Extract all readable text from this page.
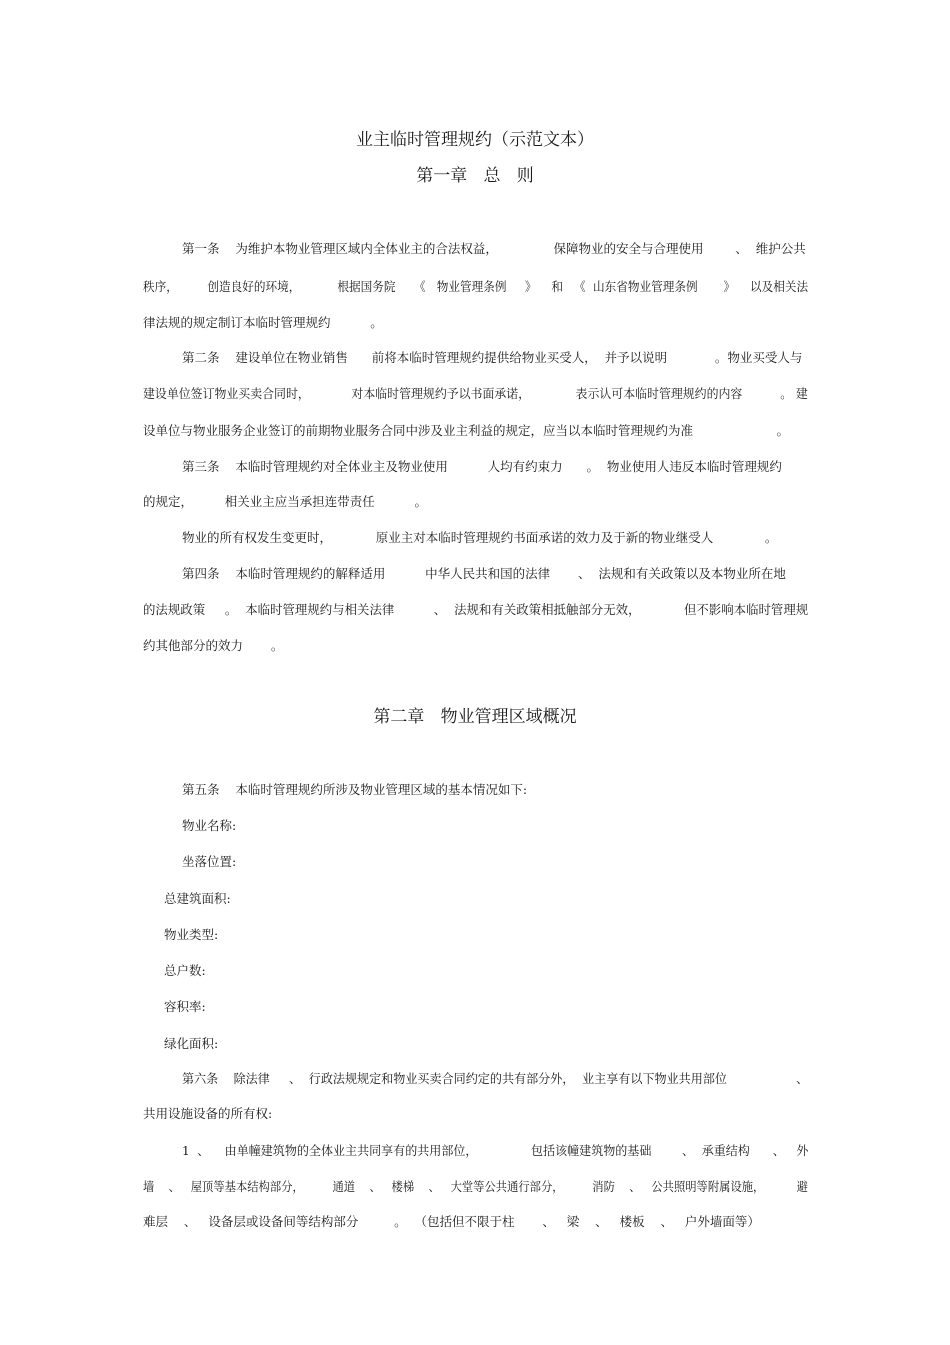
业主临时管理规约（示范文本）
第一章   总   则
第一条    为维护本物业管理区域内全体业主的合法权益，              保障物业的安全与合理使用        、  维护公共
秩序，        创造良好的环境，          根据国务院     《   物业管理条例     》    和   《  山东省物业管理条例       》    以及相关法
律法规的规定制订本临时管理规约          。
第二条    建设单位在物业销售      前将本临时管理规约提供给物业买受人，  并予以说明            。物业买受人与
建设单位签订物业买卖合同时，           对本临时管理规约予以书面承诺，            表示认可本临时管理规约的内容          。 建
设单位与物业服务企业签订的前期物业服务合同中涉及业主利益的规定，应当以本临时管理规约为准                     。
第三条    本临时管理规约对全体业主及物业使用          人均有约束力      。  物业使用人违反本临时管理规约
的规定，        相关业主应当承担连带责任          。
物业的所有权发生变更时，           原业主对本临时管理规约书面承诺的效力及于新的物业继受人             。
第四条    本临时管理规约的解释适用          中华人民共和国的法律       、  法规和有关政策以及本物业所在地
的法规政策     。  本临时管理规约与相关法律          、  法规和有关政策相抵触部分无效，           但不影响本临时管理规
约其他部分的效力       。
第二章   物业管理区域概况
第五条    本临时管理规约所涉及物业管理区域的基本情况如下:
物业名称:
坐落位置:
总建筑面积:
物业类型:
总户数:
容积率:
绿化面积:
第六条    除法律     、  行政法规规定和物业买卖合同约定的共有部分外，  业主享有以下物业共用部位                  、
共用设施设备的所有权:
1  、    由单幢建筑物的全体业主共同享有的共用部位，              包括该幢建筑物的基础        、  承重结构      、   外
墙    、   屋顶等基本结构部分，        通道    、   楼梯    、   大堂等公共通行部分，        消防    、   公共照明等附属设施，         避
难层    、   设备层或设备间等结构部分         。  （包括但不限于柱       、   梁    、   楼板    、   户外墙面等）
